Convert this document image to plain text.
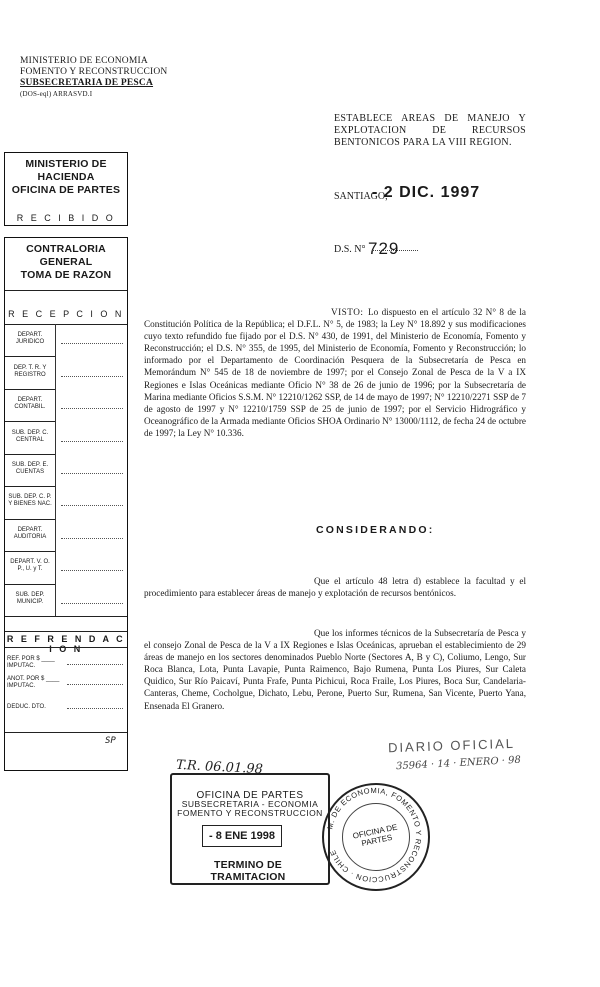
MINISTERIO DE ECONOMIA
FOMENTO Y RECONSTRUCCION
SUBSECRETARIA DE PESCA
(DOS-eql) ARRASVD.I
MINISTERIO DE HACIENDA
OFICINA DE PARTES
R E C I B I D O
CONTRALORIA GENERAL
TOMA DE RAZON
R E C E P C I O N
DEPART. JURIDICO
DEP. T. R. Y REGISTRO
DEPART. CONTABIL.
SUB. DEP. C. CENTRAL
SUB. DEP. E. CUENTAS
SUB. DEP. C. P. Y BIENES NAC.
DEPART. AUDITORIA
DEPART. V. O. P., U. y T.
SUB. DEP. MUNICIP.
R E F R E N D A C I O N
REF. POR $ ____ IMPUTAC.
ANOT. POR $ ____ IMPUTAC.
DEDUC. DTO.
SP
ESTABLECE AREAS DE MANEJO Y EXPLOTACION DE RECURSOS BENTONICOS PARA LA VIII REGION.
SANTIAGO,
- 2 DIC. 1997
D.S. N° 729
VISTO: Lo dispuesto en el artículo 32 N° 8 de la Constitución Política de la República; el D.F.L. N° 5, de 1983; la Ley N° 18.892 y sus modificaciones cuyo texto refundido fue fijado por el D.S. N° 430, de 1991, del Ministerio de Economía, Fomento y Reconstrucción; el D.S. N° 355, de 1995, del Ministerio de Economía, Fomento y Reconstrucción; lo informado por el Departamento de Coordinación Pesquera de la Subsecretaría de Pesca en Memorándum N° 545 de 18 de noviembre de 1997; por el Consejo Zonal de Pesca de la V a IX Regiones e Islas Oceánicas mediante Oficio N° 38 de 26 de junio de 1996; por la Subsecretaría de Marina mediante Oficios S.S.M. N° 12210/1262 SSP, de 14 de mayo de 1997; N° 12210/2271 SSP de 7 de agosto de 1997 y N° 12210/1759 SSP de 25 de junio de 1997; por el Servicio Hidrográfico y Oceanográfico de la Armada mediante Oficios SHOA Ordinario N° 13000/1112, de fecha 24 de octubre de 1997; la Ley N° 10.336.
CONSIDERANDO:
Que el artículo 48 letra d) establece la facultad y el procedimiento para establecer áreas de manejo y explotación de recursos bentónicos.
Que los informes técnicos de la Subsecretaría de Pesca y el consejo Zonal de Pesca de la V a IX Regiones e Islas Oceánicas, aprueban el establecimiento de 29 áreas de manejo en los sectores denominados Pueblo Norte (Sectores A, B y C), Coliumo, Lengo, Sur Roca Blanca, Lota, Punta Lavapie, Punta Raimenco, Bajo Rumena, Punta Los Piures, Sur Caleta Quidico, Sur Río Paicaví, Punta Frafe, Punta Pichicui, Roca Fraile, Los Piures, Boca Sur, Candelaria-Canteras, Cheme, Cocholgue, Dichato, Lebu, Perone, Puerto Sur, Rumena, San Vicente, Puerto Yana, Ensenada El Granero.
DIARIO OFICIAL
35964 · 14 · ENERO · 98
T.R. 06.01.98
OFICINA DE PARTES
SUBSECRETARIA - ECONOMIA
FOMENTO Y RECONSTRUCCION
- 8 ENE 1998
TERMINO DE TRAMITACION
M. DE ECONOMIA, FOMENTO Y RECONSTRUCCION · CHILE
OFICINA DE PARTES
